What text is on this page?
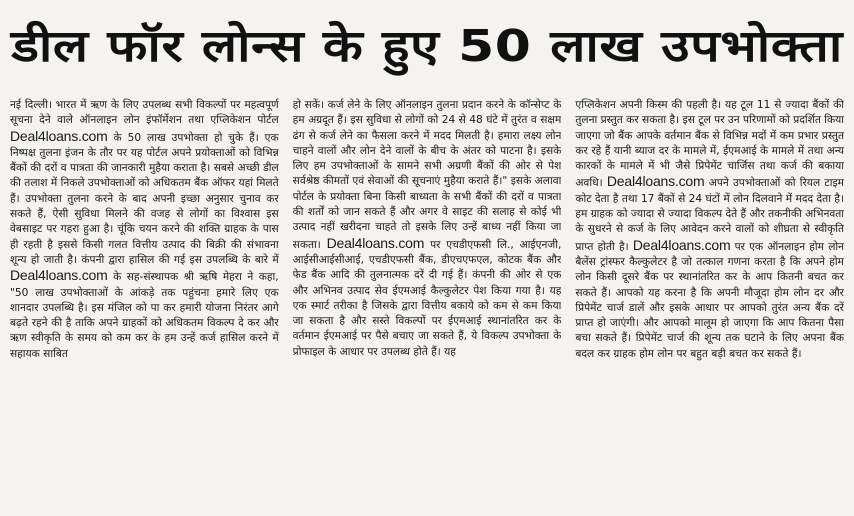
डील फॉर लोन्स के हुए 50 लाख उपभोक्ता

नई दिल्ली। भारत में ऋण के लिए उपलब्ध सभी विकल्पों पर महत्वपूर्ण सूचना देने वाले ऑनलाइन लोन इंफॉर्मेशन तथा एप्लिकेशन पोर्टल Deal4loans.com के 50 लाख उपभोक्ता हो चुके हैं। एक निष्पक्ष तुलना इंजन के तौर पर यह पोर्टल अपने प्रयोक्ताओं को विभिन्न बैंकों की दरों व पात्रता की जानकारी मुहैया कराता है। सबसे अच्छी डील की तलाश में निकले उपभोक्ताओं को अधिकतम बैंक ऑफर यहां मिलते हैं। उपभोक्ता तुलना करने के बाद अपनी इच्छा अनुसार चुनाव कर सकते हैं, ऐसी सुविधा मिलने की वजह से लोगों का विश्वास इस वेबसाइट पर गहरा हुआ है। चूंकि चयन करने की शक्ति ग्राहक के पास ही रहती है इससे किसी गलत वित्तीय उत्पाद की बिक्री की संभावना शून्य हो जाती है। कंपनी द्वारा हासिल की गई इस उपलब्धि के बारे में Deal4loans.com के सह-संस्थापक श्री ऋषि मेहरा ने कहा, "50 लाख उपभोक्ताओं के आंकड़े तक पहुंचना हमारे लिए एक शानदार उपलब्धि है। इस मंजिल को पा कर हमारी योजना निरंतर आगे बढ़ते रहने की है ताकि अपने ग्राहकों को अधिकतम विकल्प दे कर और ऋण स्वीकृति के समय को कम कर के हम उन्हें कर्ज हासिल करने में सहायक साबित

हो सकें। कर्ज लेने के लिए ऑनलाइन तुलना प्रदान करने के कॉन्सेप्ट के हम अग्रदूत हैं। इस सुविधा से लोगों को 24 से 48 घंटे में तुरंत व सक्षम ढंग से कर्ज लेने का फैसला करने में मदद मिलती है। हमारा लक्ष्य लोन चाहने वालों और लोन देने वालों के बीच के अंतर को पाटना है। इसके लिए हम उपभोक्ताओं के सामने सभी अग्रणी बैंकों की ओर से पेश सर्वश्रेष्ठ कीमतों एवं सेवाओं की सूचनाएं मुहैया कराते हैं।" इसके अलावा पोर्टल के प्रयोक्ता बिना किसी बाध्यता के सभी बैंकों की दरों व पात्रता की शर्तों को जान सकते हैं और अगर वे साइट की सलाह से कोई भी उत्पाद नहीं खरीदना चाहते तो इसके लिए उन्हें बाध्य नहीं किया जा सकता। Deal4loans.com पर एचडीएफसी लि., आईएनजी, आईसीआईसीआई, एचडीएफसी बैंक, डीएचएफएल, कोटक बैंक और फेड बैंक आदि की तुलनात्मक दरें दी गई हैं। कंपनी की ओर से एक और अभिनव उत्पाद सेव ईएमआई कैल्कुलेटर पेश किया गया है। यह एक स्मार्ट तरीका है जिसके द्वारा वित्तीय बकाये को कम से कम किया जा सकता है और सस्ते विकल्पों पर ईएमआई स्थानांतरित कर के वर्तमान ईएमआई पर पैसे बचाए जा सकते हैं, ये विकल्प उपभोक्ता के प्रोफाइल के आधार पर उपलब्ध होते हैं। यह

एप्लिकेशन अपनी किस्म की पहली है। यह टूल 11 से ज्यादा बैंकों की तुलना प्रस्तुत कर सकता है। इस टूल पर उन परिणामों को प्रदर्शित किया जाएगा जो बैंक आपके वर्तमान बैंक से विभिन्न मदों में कम प्रभार प्रस्तुत कर रहे हैं यानी ब्याज दर के मामले में, ईएमआई के मामले में तथा अन्य कारकों के मामले में भी जैसे प्रिपेमेंट चार्जिस तथा कर्ज की बकाया अवधि। Deal4loans.com अपने उपभोक्ताओं को रियल टाइम कोट देता है तथा 17 बैंकों से 24 घंटों में लोन दिलवाने में मदद देता है। हम ग्राहक को ज्यादा से ज्यादा विकल्प देते हैं और तकनीकी अभिनवता के सुधरने से कर्ज के लिए आवेदन करने वालों को शीघ्रता से स्वीकृति प्राप्त होती है। Deal4loans.com पर एक ऑनलाइन होम लोन बैलेंस ट्रांस्फर कैल्कुलेटर है जो तत्काल गणना करता है कि अपने होम लोन किसी दूसरे बैंक पर स्थानांतरित कर के आप कितनी बचत कर सकते हैं। आपको यह करना है कि अपनी मौजूदा होम लोन दर और प्रिपेमेंट चार्ज डालें और इसके आधार पर आपको तुरंत अन्य बैंक दरें प्राप्त हो जाएंगी। और आपको मालूम हो जाएगा कि आप कितना पैसा बचा सकते हैं। प्रिपेमेंट चार्ज की शून्य तक घटाने के लिए अपना बैंक बदल कर ग्राहक होम लोन पर बहुत बड़ी बचत कर सकते हैं।
